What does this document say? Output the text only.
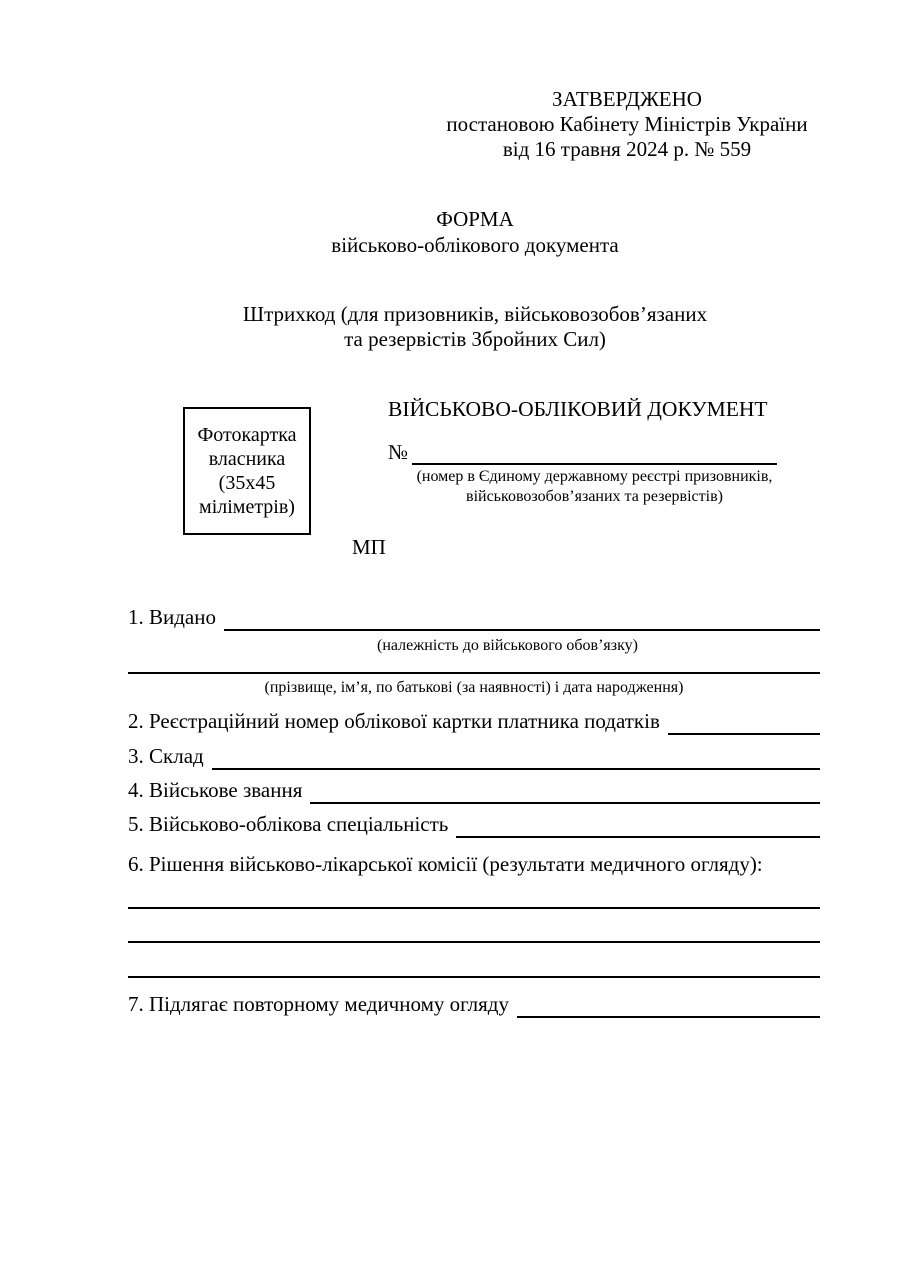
ЗАТВЕРДЖЕНО
постановою Кабінету Міністрів України
від 16 травня 2024 р. № 559
ФОРМА
військово-облікового документа
Штрихкод (для призовників, військовозобов’язаних
та резервістів Збройних Сил)
Фотокартка
власника
(35х45
міліметрів)
ВІЙСЬКОВО-ОБЛІКОВИЙ ДОКУМЕНТ
№
(номер в Єдиному державному реєстрі призовників,
військовозобов’язаних та резервістів)
МП
1. Видано
(належність до військового обов’язку)
(прізвище, ім’я, по батькові (за наявності) і дата народження)
2. Реєстраційний номер облікової картки платника податків
3. Склад
4. Військове звання
5. Військово-облікова спеціальність
6. Рішення військово-лікарської комісії (результати медичного огляду):
7. Підлягає повторному медичному огляду
